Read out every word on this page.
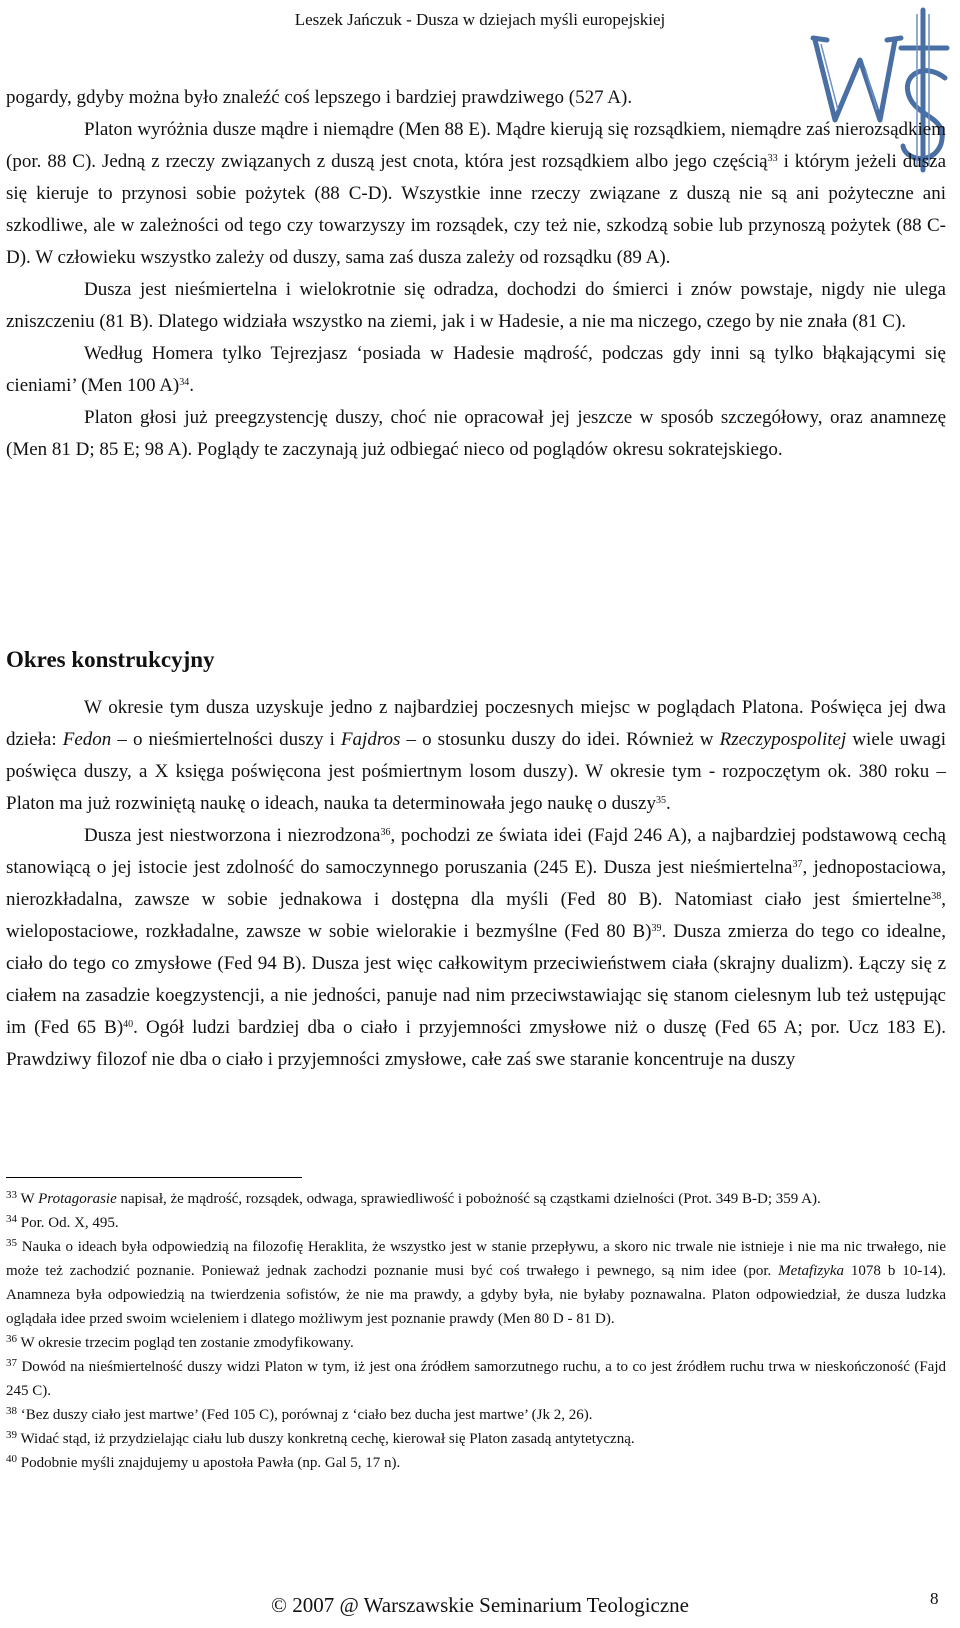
Leszek Jańczuk - Dusza w dziejach myśli europejskiej

pogardy, gdyby można było znaleźć coś lepszego i bardziej prawdziwego (527 A).

Platon wyróżnia dusze mądre i niemądre (Men 88 E). Mądre kierują się rozsądkiem, niemądre zaś nierozsądkiem (por. 88 C). Jedną z rzeczy związanych z duszą jest cnota, która jest rozsądkiem albo jego częścią$^{33}$ i którym jeżeli dusza się kieruje to przynosi sobie pożytek (88 C-D). Wszystkie inne rzeczy związane z duszą nie są ani pożyteczne ani szkodliwe, ale w zależności od tego czy towarzyszy im rozsądek, czy też nie, szkodzą sobie lub przynoszą pożytek (88 C-D). W człowieku wszystko zależy od duszy, sama zaś dusza zależy od rozsądku (89 A).

Dusza jest nieśmiertelna i wielokrotnie się odradza, dochodzi do śmierci i znów powstaje, nigdy nie ulega zniszczeniu (81 B). Dlatego widziała wszystko na ziemi, jak i w Hadesie, a nie ma niczego, czego by nie znała (81 C).

Według Homera tylko Tejrezjasz ‘posiada w Hadesie mądrość, podczas gdy inni są tylko błąkającymi się cieniami’ (Men 100 A)$^{34}$.

Platon głosi już preegzystencję duszy, choć nie opracował jej jeszcze w sposób szczegółowy, oraz anamnezę (Men 81 D; 85 E; 98 A). Poglądy te zaczynają już odbiegać nieco od poglądów okresu sokratejskiego.

Okres konstrukcyjny

W okresie tym dusza uzyskuje jedno z najbardziej poczesnych miejsc w poglądach Platona. Poświęca jej dwa dzieła: Fedon – o nieśmiertelności duszy i Fajdros – o stosunku duszy do idei. Również w Rzeczypospolitej wiele uwagi poświęca duszy, a X księga poświęcona jest pośmiertnym losom duszy). W okresie tym - rozpoczętym ok. 380 roku – Platon ma już rozwiniętą naukę o ideach, nauka ta determinowała jego naukę o duszy$^{35}$.

Dusza jest niestworzona i niezrodzona$^{36}$, pochodzi ze świata idei (Fajd 246 A), a najbardziej podstawową cechą stanowiącą o jej istocie jest zdolność do samoczynnego poruszania (245 E). Dusza jest nieśmiertelna$^{37}$, jednopostaciowa, nierozkładalna, zawsze w sobie jednakowa i dostępna dla myśli (Fed 80 B). Natomiast ciało jest śmiertelne$^{38}$, wielopostaciowe, rozkładalne, zawsze w sobie wielorakie i bezmyślne (Fed 80 B)$^{39}$. Dusza zmierza do tego co idealne, ciało do tego co zmysłowe (Fed 94 B). Dusza jest więc całkowitym przeciwieństwem ciała (skrajny dualizm). Łączy się z ciałem na zasadzie koegzystencji, a nie jedności, panuje nad nim przeciwstawiając się stanom cielesnym lub też ustępując im (Fed 65 B)$^{40}$. Ogół ludzi bardziej dba o ciało i przyjemności zmysłowe niż o duszę (Fed 65 A; por. Ucz 183 E). Prawdziwy filozof nie dba o ciało i przyjemności zmysłowe, całe zaś swe staranie koncentruje na duszy

$^{33}$ W Protagorasie napisał, że mądrość, rozsądek, odwaga, sprawiedliwość i pobożność są cząstkami dzielności (Prot. 349 B-D; 359 A).

$^{34}$ Por. Od. X, 495.

$^{35}$ Nauka o ideach była odpowiedzią na filozofię Heraklita, że wszystko jest w stanie przepływu, a skoro nic trwale nie istnieje i nie ma nic trwałego, nie może też zachodzić poznanie. Ponieważ jednak zachodzi poznanie musi być coś trwałego i pewnego, są nim idee (por. Metafizyka 1078 b 10-14). Anamneza była odpowiedzią na twierdzenia sofistów, że nie ma prawdy, a gdyby była, nie byłaby poznawalna. Platon odpowiedział, że dusza ludzka oglądała idee przed swoim wcieleniem i dlatego możliwym jest poznanie prawdy (Men 80 D - 81 D).

$^{36}$ W okresie trzecim pogląd ten zostanie zmodyfikowany.

$^{37}$ Dowód na nieśmiertelność duszy widzi Platon w tym, iż jest ona źródłem samorzutnego ruchu, a to co jest źródłem ruchu trwa w nieskończoność (Fajd 245 C).

$^{38}$ ‘Bez duszy ciało jest martwe’ (Fed 105 C), porównaj z ‘ciało bez ducha jest martwe’ (Jk 2, 26).

$^{39}$ Widać stąd, iż przydzielając ciału lub duszy konkretną cechę, kierował się Platon zasadą antytetyczną.

$^{40}$ Podobnie myśli znajdujemy u apostoła Pawła (np. Gal 5, 17 n).

© 2007 @ Warszawskie Seminarium Teologiczne	8
